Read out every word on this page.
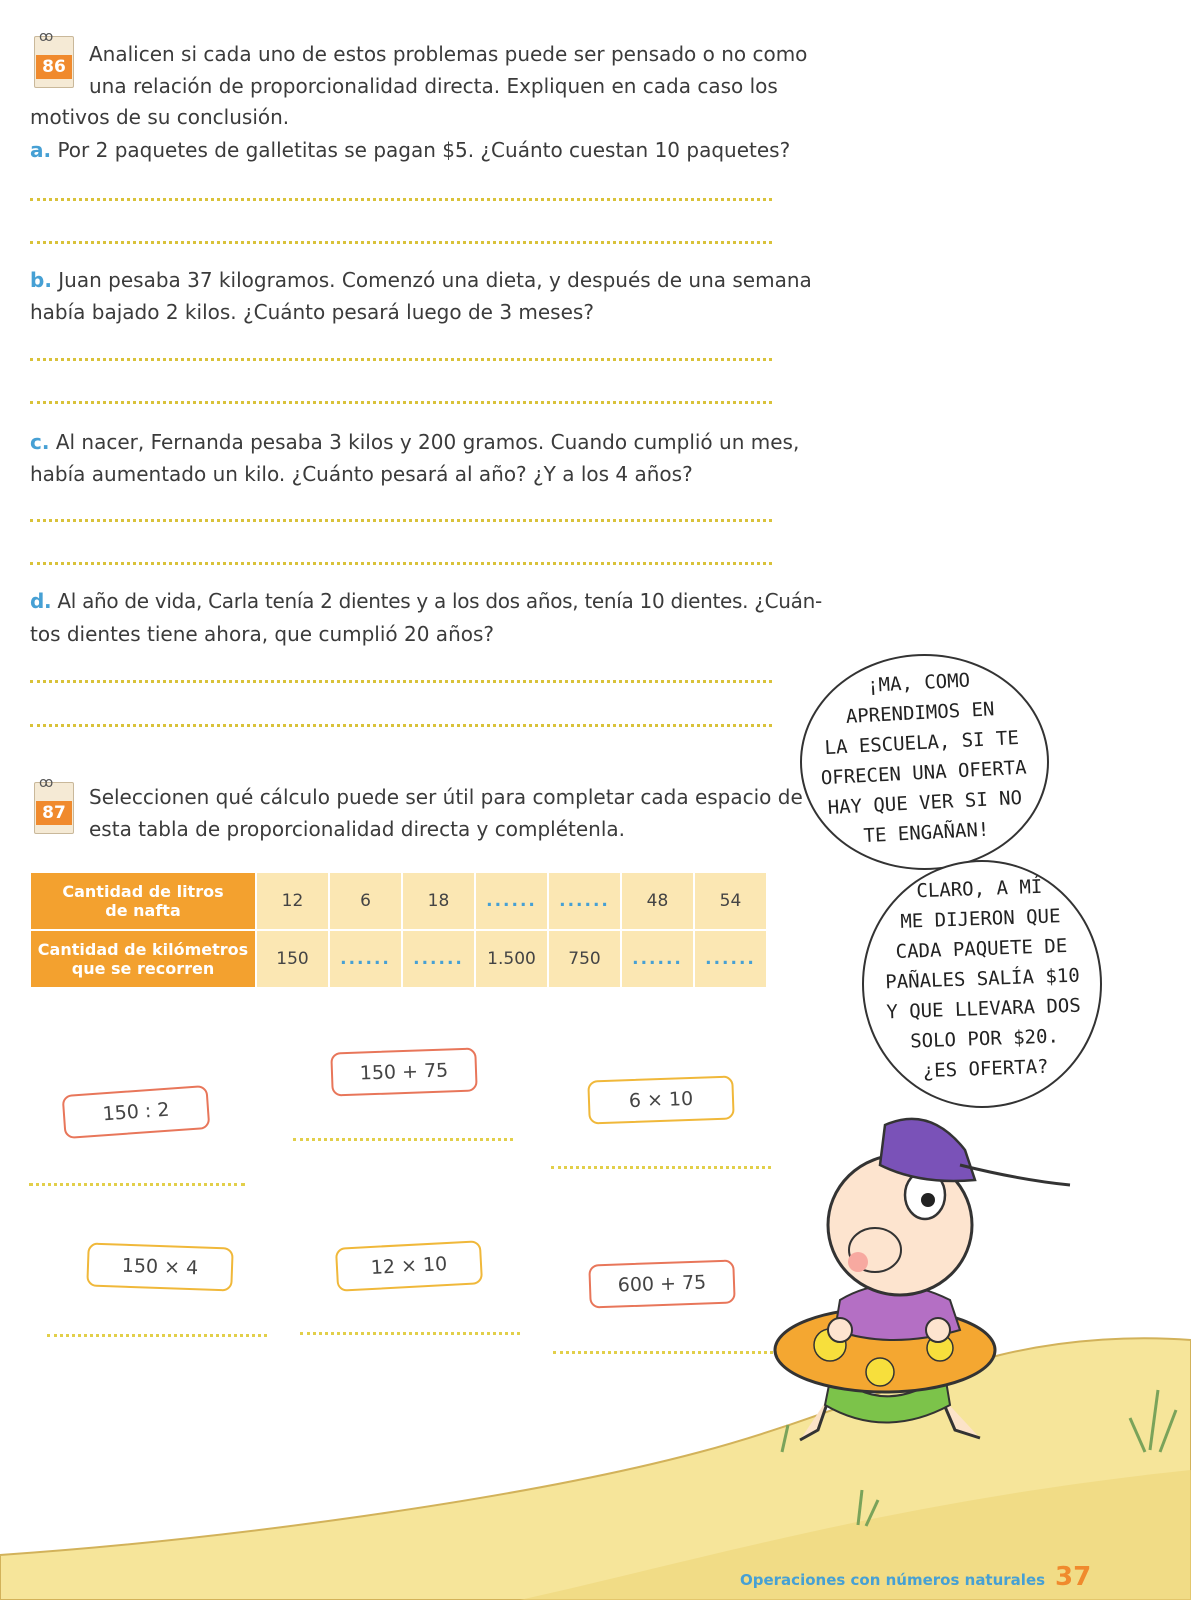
ꝏ
86
Analicen si cada uno de estos problemas puede ser pensado o no como
una relación de proporcionalidad directa. Expliquen en cada caso los
motivos de su conclusión.
a. Por 2 paquetes de galletitas se pagan $5. ¿Cuánto cuestan 10 paquetes?
b. Juan pesaba 37 kilogramos. Comenzó una dieta, y después de una semana
había bajado 2 kilos. ¿Cuánto pesará luego de 3 meses?
c. Al nacer, Fernanda pesaba 3 kilos y 200 gramos. Cuando cumplió un mes,
había aumentado un kilo. ¿Cuánto pesará al año? ¿Y a los 4 años?
d. Al año de vida, Carla tenía 2 dientes y a los dos años, tenía 10 dientes. ¿Cuán-
tos dientes tiene ahora, que cumplió 20 años?
ꝏ
87
Seleccionen qué cálculo puede ser útil para completar cada espacio de
esta tabla de proporcionalidad directa y complétenla.
Cantidad de litros
de nafta	12	6	18	......	......	48	54

Cantidad de kilómetros
que se recorren	150	......	......	1.500	750	......	......
150 : 2
150 + 75
6 × 10
150 × 4	12 × 10
600 + 75
¡MA, COMO
APRENDIMOS EN
LA ESCUELA, SI TE
OFRECEN UNA OFERTA
HAY QUE VER SI NO
TE ENGAÑAN!
CLARO, A MÍ
ME DIJERON QUE
CADA PAQUETE DE
PAÑALES SALÍA $10
Y QUE LLEVARA DOS
SOLO POR $20.
¿ES OFERTA?
Operaciones con números naturales 37
